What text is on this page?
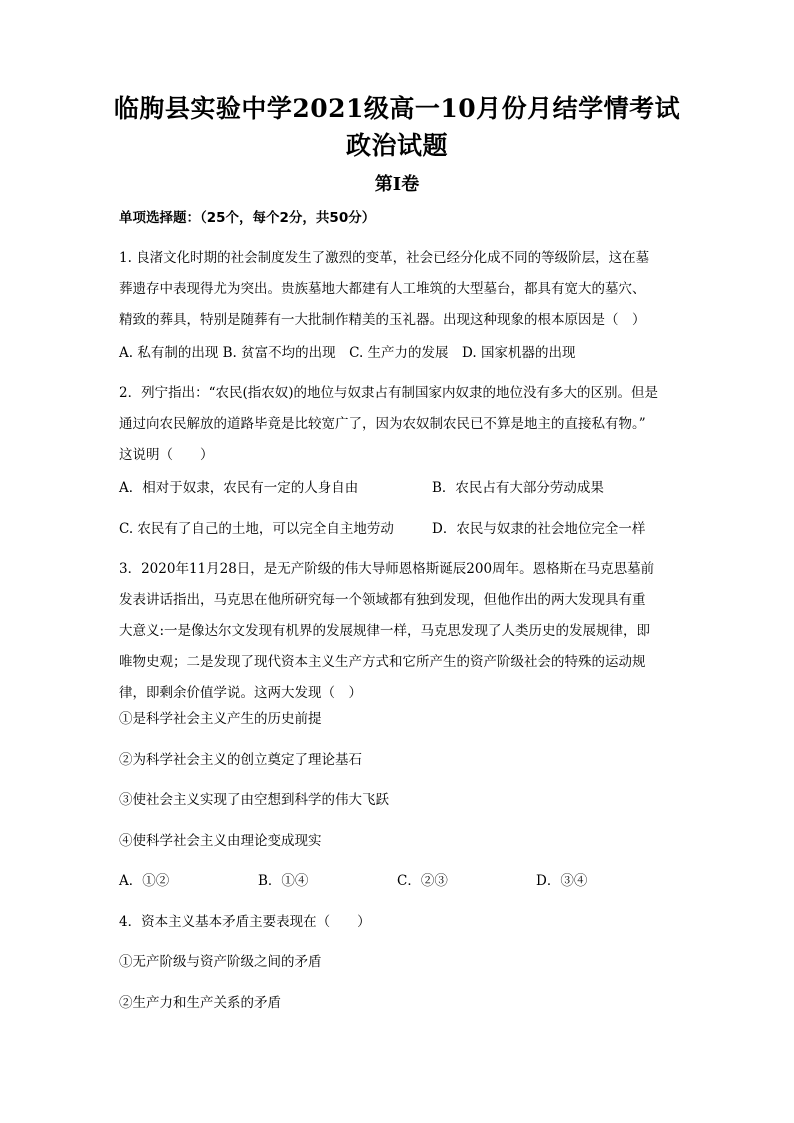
临朐县实验中学2021级高一10月份月结学情考试
政治试题
第Ⅰ卷
单项选择题：（25个，每个2分，共50分）
1. 良渚文化时期的社会制度发生了激烈的变革，社会已经分化成不同的等级阶层，这在墓
葬遗存中表现得尤为突出。贵族墓地大都建有人工堆筑的大型墓台，都具有宽大的墓穴、
精致的葬具，特别是随葬有一大批制作精美的玉礼器。出现这种现象的根本原因是（　）
A. 私有制的出现 B. 贫富不均的出现　C. 生产力的发展　D. 国家机器的出现
2．列宁指出：“农民(指农奴)的地位与奴隶占有制国家内奴隶的地位没有多大的区别。但是
通过向农民解放的道路毕竟是比较宽广了，因为农奴制农民已不算是地主的直接私有物。”
这说明（　　）
A．相对于奴隶，农民有一定的人身自由	B．农民占有大部分劳动成果
C. 农民有了自己的土地，可以完全自主地劳动	D．农民与奴隶的社会地位完全一样
3．2020年11月28日，是无产阶级的伟大导师恩格斯诞辰200周年。恩格斯在马克思墓前
发表讲话指出，马克思在他所研究每一个领域都有独到发现，但他作出的两大发现具有重
大意义:一是像达尔文发现有机界的发展规律一样，马克思发现了人类历史的发展规律，即
唯物史观；二是发现了现代资本主义生产方式和它所产生的资产阶级社会的特殊的运动规
律，即剩余价值学说。这两大发现（　）
①是科学社会主义产生的历史前提
②为科学社会主义的创立奠定了理论基石
③使社会主义实现了由空想到科学的伟大飞跃
④使科学社会主义由理论变成现实
A．①②	B．①④	C．②③	D．③④
4．资本主义基本矛盾主要表现在（　　）
①无产阶级与资产阶级之间的矛盾
②生产力和生产关系的矛盾
